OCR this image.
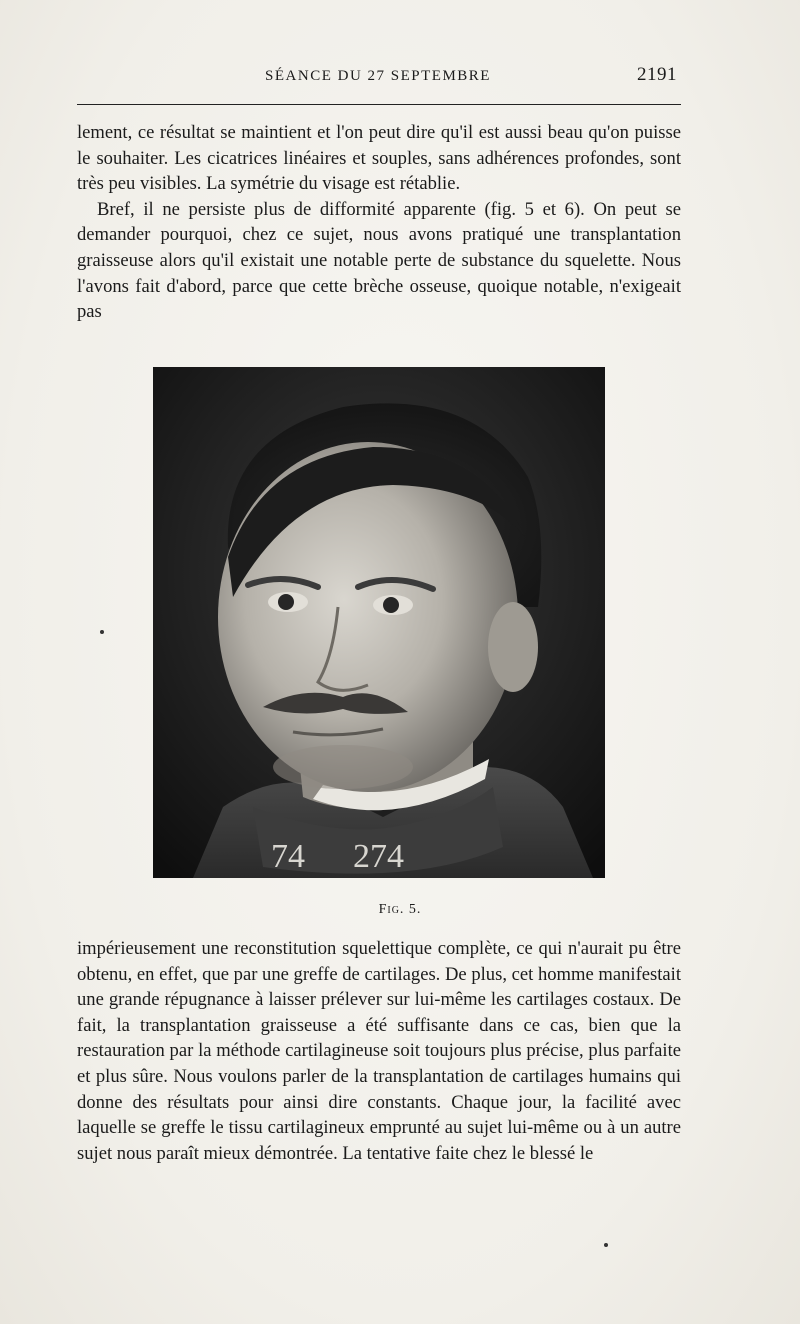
SÉANCE DU 27 SEPTEMBRE	2191

lement, ce résultat se maintient et l'on peut dire qu'il est aussi beau qu'on puisse le souhaiter. Les cicatrices linéaires et souples, sans adhérences profondes, sont très peu visibles. La symétrie du visage est rétablie.

Bref, il ne persiste plus de difformité apparente (fig. 5 et 6). On peut se demander pourquoi, chez ce sujet, nous avons pratiqué une transplantation graisseuse alors qu'il existait une notable perte de substance du squelette. Nous l'avons fait d'abord, parce que cette brèche osseuse, quoique notable, n'exigeait pas

74 274
Fig. 5.

impérieusement une reconstitution squelettique complète, ce qui n'aurait pu être obtenu, en effet, que par une greffe de cartilages. De plus, cet homme manifestait une grande répugnance à laisser prélever sur lui-même les cartilages costaux. De fait, la transplantation graisseuse a été suffisante dans ce cas, bien que la restauration par la méthode cartilagineuse soit toujours plus précise, plus parfaite et plus sûre. Nous voulons parler de la transplantation de cartilages humains qui donne des résultats pour ainsi dire constants. Chaque jour, la facilité avec laquelle se greffe le tissu cartilagineux emprunté au sujet lui-même ou à un autre sujet nous paraît mieux démontrée. La tentative faite chez le blessé le
